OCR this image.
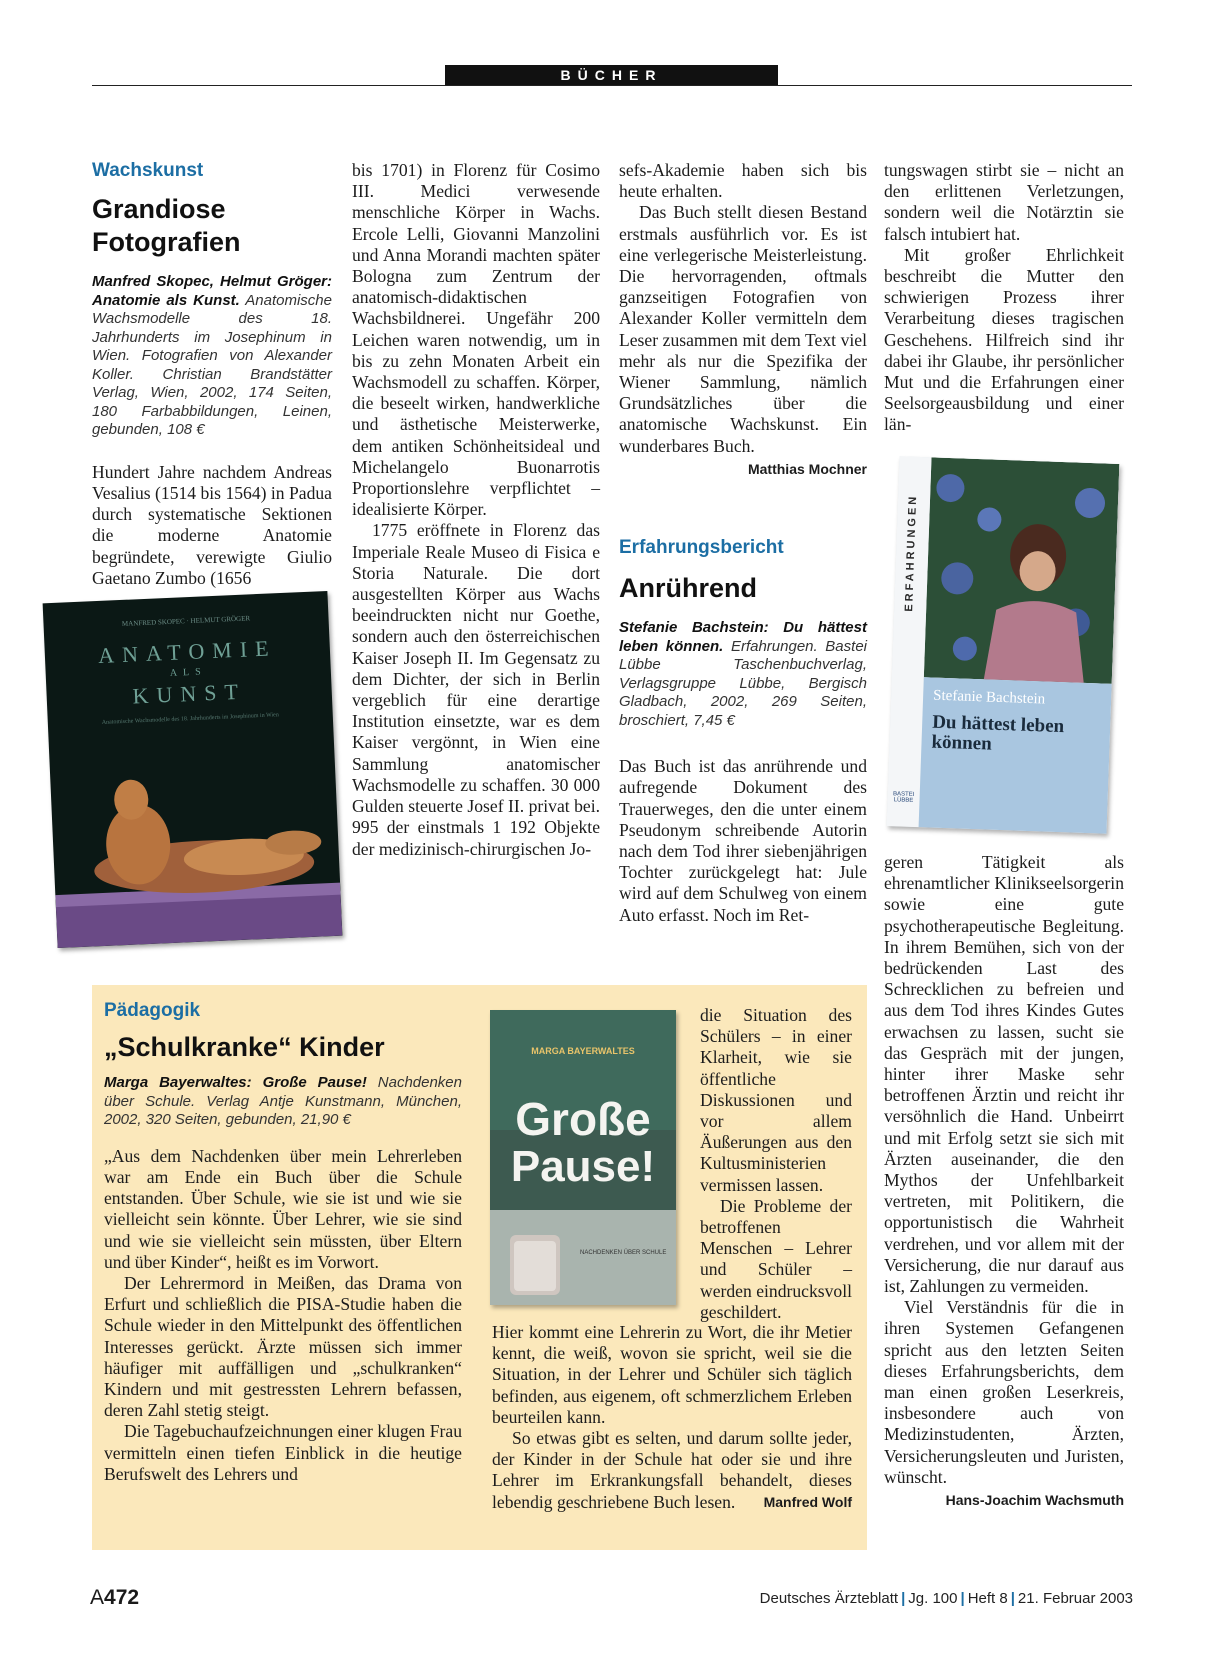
BÜCHER
Wachskunst
Grandiose Fotografien
Manfred Skopec, Helmut Gröger: Anatomie als Kunst. Anatomische Wachsmodelle des 18. Jahrhunderts im Josephinum in Wien. Fotografien von Alexander Koller. Christian Brandstätter Verlag, Wien, 2002, 174 Seiten, 180 Farbabbildungen, Leinen, gebunden, 108 €

Hundert Jahre nachdem Andreas Vesalius (1514 bis 1564) in Padua durch systematische Sektionen die moderne Anatomie begründete, verewigte Giulio Gaetano Zumbo (1656

MANFRED SKOPEC · HELMUT GRÖGER
ANATOMIE
ALS
KUNST
Anatomische Wachsmodelle des 18. Jahrhunderts im Josephinum in Wien

bis 1701) in Florenz für Cosimo III. Medici verwesende menschliche Körper in Wachs. Ercole Lelli, Giovanni Manzolini und Anna Morandi machten später Bologna zum Zentrum der anatomisch-didaktischen Wachsbildnerei. Ungefähr 200 Leichen waren notwendig, um in bis zu zehn Monaten Arbeit ein Wachsmodell zu schaffen. Körper, die beseelt wirken, handwerkliche und ästhetische Meisterwerke, dem antiken Schönheitsideal und Michelangelo Buonarrotis Proportionslehre verpflichtet – idealisierte Körper.

1775 eröffnete in Florenz das Imperiale Reale Museo di Fisica e Storia Naturale. Die dort ausgestellten Körper aus Wachs beeindruckten nicht nur Goethe, sondern auch den österreichischen Kaiser Joseph II. Im Gegensatz zu dem Dichter, der sich in Berlin vergeblich für eine derartige Institution einsetzte, war es dem Kaiser vergönnt, in Wien eine Sammlung anatomischer Wachsmodelle zu schaffen. 30 000 Gulden steuerte Josef II. privat bei. 995 der einstmals 1 192 Objekte der medizinisch-chirurgischen Jo-

sefs-Akademie haben sich bis heute erhalten.

Das Buch stellt diesen Bestand erstmals ausführlich vor. Es ist eine verlegerische Meisterleistung. Die hervorragenden, oftmals ganzseitigen Fotografien von Alexander Koller vermitteln dem Leser zusammen mit dem Text viel mehr als nur die Spezifika der Wiener Sammlung, nämlich Grundsätzliches über die anatomische Wachskunst. Ein wunderbares Buch.
Matthias Mochner

Erfahrungsbericht
Anrührend
Stefanie Bachstein: Du hättest leben können. Erfahrungen. Bastei Lübbe Taschenbuchverlag, Verlagsgruppe Lübbe, Bergisch Gladbach, 2002, 269 Seiten, broschiert, 7,45 €

Das Buch ist das anrührende und aufregende Dokument des Trauerweges, den die unter einem Pseudonym schreibende Autorin nach dem Tod ihrer siebenjährigen Tochter zurückgelegt hat: Jule wird auf dem Schulweg von einem Auto erfasst. Noch im Ret-

tungswagen stirbt sie – nicht an den erlittenen Verletzungen, sondern weil die Notärztin sie falsch intubiert hat.

Mit großer Ehrlichkeit beschreibt die Mutter den schwierigen Prozess ihrer Verarbeitung dieses tragischen Geschehens. Hilfreich sind ihr dabei ihr Glaube, ihr persönlicher Mut und die Erfahrungen einer Seelsorgeausbildung und einer län-

ERFAHRUNGEN
Stefanie Bachstein
Du hättest leben können
BASTEI LÜBBE

geren Tätigkeit als ehrenamtlicher Klinikseelsorgerin sowie eine gute psychotherapeutische Begleitung. In ihrem Bemühen, sich von der bedrückenden Last des Schrecklichen zu befreien und aus dem Tod ihres Kindes Gutes erwachsen zu lassen, sucht sie das Gespräch mit der jungen, hinter ihrer Maske sehr betroffenen Ärztin und reicht ihr versöhnlich die Hand. Unbeirrt und mit Erfolg setzt sie sich mit Ärzten auseinander, die den Mythos der Unfehlbarkeit vertreten, mit Politikern, die opportunistisch die Wahrheit verdrehen, und vor allem mit der Versicherung, die nur darauf aus ist, Zahlungen zu vermeiden.

Viel Verständnis für die in ihren Systemen Gefangenen spricht aus den letzten Seiten dieses Erfahrungsberichts, dem man einen großen Leserkreis, insbesondere auch von Medizinstudenten, Ärzten, Versicherungsleuten und Juristen, wünscht.

Hans-Joachim Wachsmuth
Pädagogik
„Schulkranke“ Kinder
Marga Bayerwaltes: Große Pause! Nachdenken über Schule. Verlag Antje Kunstmann, München, 2002, 320 Seiten, gebunden, 21,90 €

„Aus dem Nachdenken über mein Lehrerleben war am Ende ein Buch über die Schule entstanden. Über Schule, wie sie ist und wie sie vielleicht sein könnte. Über Lehrer, wie sie sind und wie sie vielleicht sein müssten, über Eltern und über Kinder“, heißt es im Vorwort.

Der Lehrermord in Meißen, das Drama von Erfurt und schließlich die PISA-Studie haben die Schule wieder in den Mittelpunkt des öffentlichen Interesses gerückt. Ärzte müssen sich immer häufiger mit auffälligen und „schulkranken“ Kindern und mit gestressten Lehrern befassen, deren Zahl stetig steigt.

Die Tagebuchaufzeichnungen einer klugen Frau vermitteln einen tiefen Einblick in die heutige Berufswelt des Lehrers und

MARGA BAYERWALTES
Große
Pause!
NACHDENKEN ÜBER SCHULE

die Situation des Schülers – in einer Klarheit, wie sie öffentliche Diskussionen und vor allem Äußerungen aus den Kultusministerien vermissen lassen.

Die Probleme der betroffenen Menschen – Lehrer und Schüler – werden eindrucksvoll geschildert.

Hier kommt eine Lehrerin zu Wort, die ihr Metier kennt, die weiß, wovon sie spricht, weil sie die Situation, in der Lehrer und Schüler sich täglich befinden, aus eigenem, oft schmerzlichem Erleben beurteilen kann.

So etwas gibt es selten, und darum sollte jeder, der Kinder in der Schule hat oder sie und ihre Lehrer im Erkrankungsfall behandelt, dieses lebendig geschriebene Buch lesen.	Manfred Wolf

A472	Deutsches Ärzteblatt | Jg. 100 | Heft 8 | 21. Februar 2003
